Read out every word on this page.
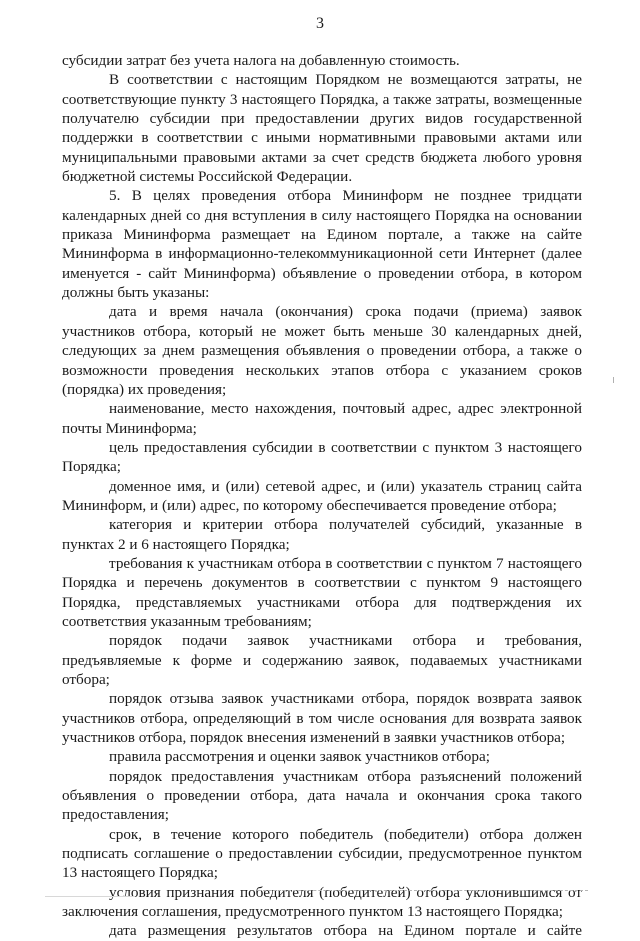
3

субсидии затрат без учета налога на добавленную стоимость.

В соответствии с настоящим Порядком не возмещаются затраты, не соответствующие пункту 3 настоящего Порядка, а также затраты, возмещенные получателю субсидии при предоставлении других видов государственной поддержки в соответствии с иными нормативными правовыми актами или муниципальными правовыми актами за счет средств бюджета любого уровня бюджетной системы Российской Федерации.

5. В целях проведения отбора Мининформ не позднее тридцати календарных дней со дня вступления в силу настоящего Порядка на основании приказа Мининформа размещает на Едином портале, а также на сайте Мининформа в информационно-телекоммуникационной сети Интернет (далее именуется - сайт Мининформа) объявление о проведении отбора, в котором должны быть указаны:

дата и время начала (окончания) срока подачи (приема) заявок участников отбора, который не может быть меньше 30 календарных дней, следующих за днем размещения объявления о проведении отбора, а также о возможности проведения нескольких этапов отбора с указанием сроков (порядка) их проведения;

наименование, место нахождения, почтовый адрес, адрес электронной почты Мининформа;

цель предоставления субсидии в соответствии с пунктом 3 настоящего Порядка;

доменное имя, и (или) сетевой адрес, и (или) указатель страниц сайта Мининформ, и (или) адрес, по которому обеспечивается проведение отбора;

категория и критерии отбора получателей субсидий, указанные в пунктах 2 и 6 настоящего Порядка;

требования к участникам отбора в соответствии с пунктом 7 настоящего Порядка и перечень документов в соответствии с пунктом 9 настоящего Порядка, представляемых участниками отбора для подтверждения их соответствия указанным требованиям;

порядок подачи заявок участниками отбора и требования, предъявляемые к форме и содержанию заявок, подаваемых участниками отбора;

порядок отзыва заявок участниками отбора, порядок возврата заявок участников отбора, определяющий в том числе основания для возврата заявок участников отбора, порядок внесения изменений в заявки участников отбора;

правила рассмотрения и оценки заявок участников отбора;

порядок предоставления участникам отбора разъяснений положений объявления о проведении отбора, дата начала и окончания срока такого предоставления;

срок, в течение которого победитель (победители) отбора должен подписать соглашение о предоставлении субсидии, предусмотренное пунктом 13 настоящего Порядка;

условия признания победителя (победителей) отбора уклонившимся от заключения соглашения, предусмотренного пунктом 13 настоящего Порядка;

дата размещения результатов отбора на Едином портале и сайте
